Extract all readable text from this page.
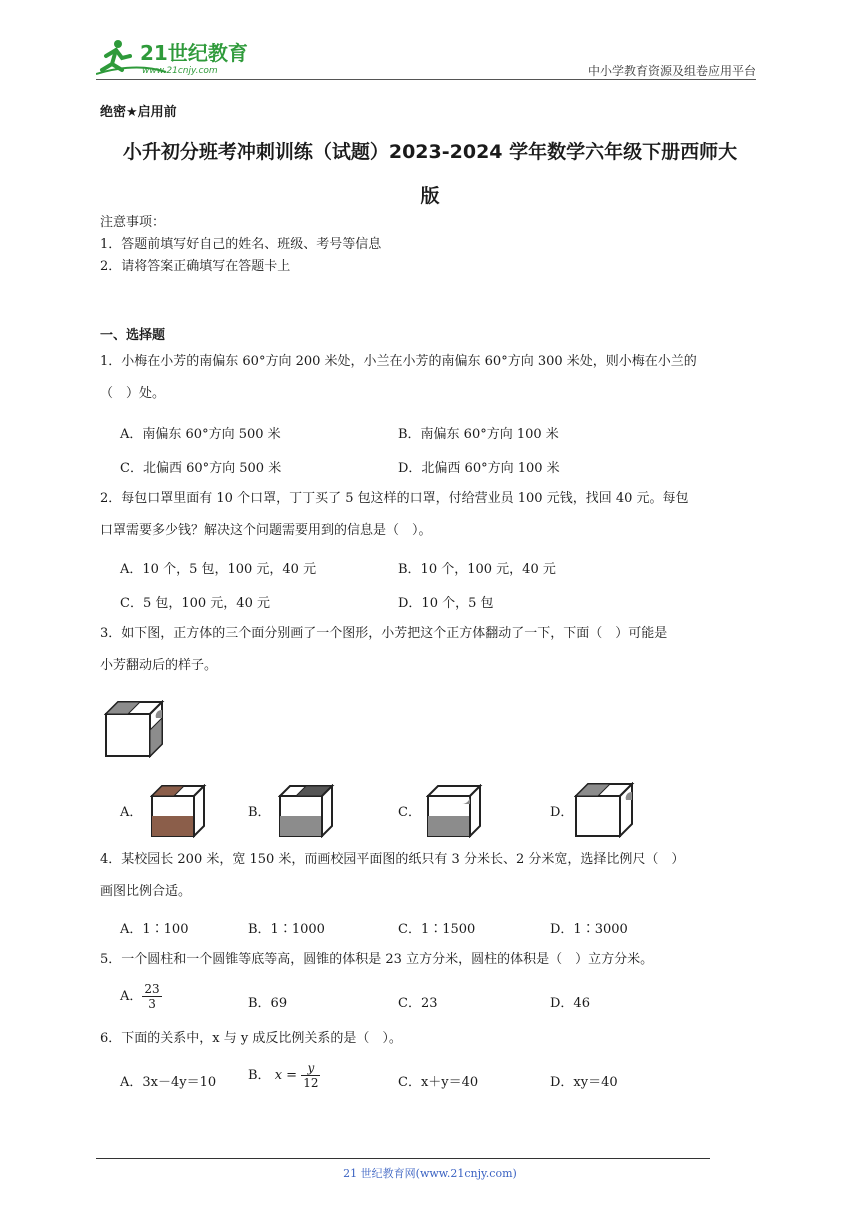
21世纪教育
www.21cnjy.com	中小学教育资源及组卷应用平台
绝密★启用前
小升初分班考冲刺训练（试题）2023-2024 学年数学六年级下册西师大
版
注意事项：
1．答题前填写好自己的姓名、班级、考号等信息
2．请将答案正确填写在答题卡上
一、选择题
1．小梅在小芳的南偏东 60°方向 200 米处，小兰在小芳的南偏东 60°方向 300 米处，则小梅在小兰的
（　）处。
A．南偏东 60°方向 500 米	B．南偏东 60°方向 100 米
C．北偏西 60°方向 500 米	D．北偏西 60°方向 100 米
2．每包口罩里面有 10 个口罩，丁丁买了 5 包这样的口罩，付给营业员 100 元钱，找回 40 元。每包
口罩需要多少钱？解决这个问题需要用到的信息是（　）。
A．10 个，5 包，100 元，40 元	B．10 个，100 元，40 元
C．5 包，100 元，40 元	D．10 个，5 包
3．如下图，正方体的三个面分别画了一个图形，小芳把这个正方体翻动了一下，下面（　）可能是
小芳翻动后的样子。
A．	B．	C．	D．
4．某校园长 200 米，宽 150 米，而画校园平面图的纸只有 3 分米长、2 分米宽，选择比例尺（　）
画图比例合适。
A．1∶100	B．1∶1000	C．1∶1500	D．1∶3000
5．一个圆柱和一个圆锥等底等高，圆锥的体积是 23 立方分米，圆柱的体积是（　）立方分米。
A． $\frac{23}{3}$	B．69	C．23	D．46
6．下面的关系中，x 与 y 成反比例关系的是（　）。
A．3x－4y＝10 B． $x = \frac{y}{12}$	C．x＋y＝40	D．xy＝40
21 世纪教育网(www.21cnjy.com)
